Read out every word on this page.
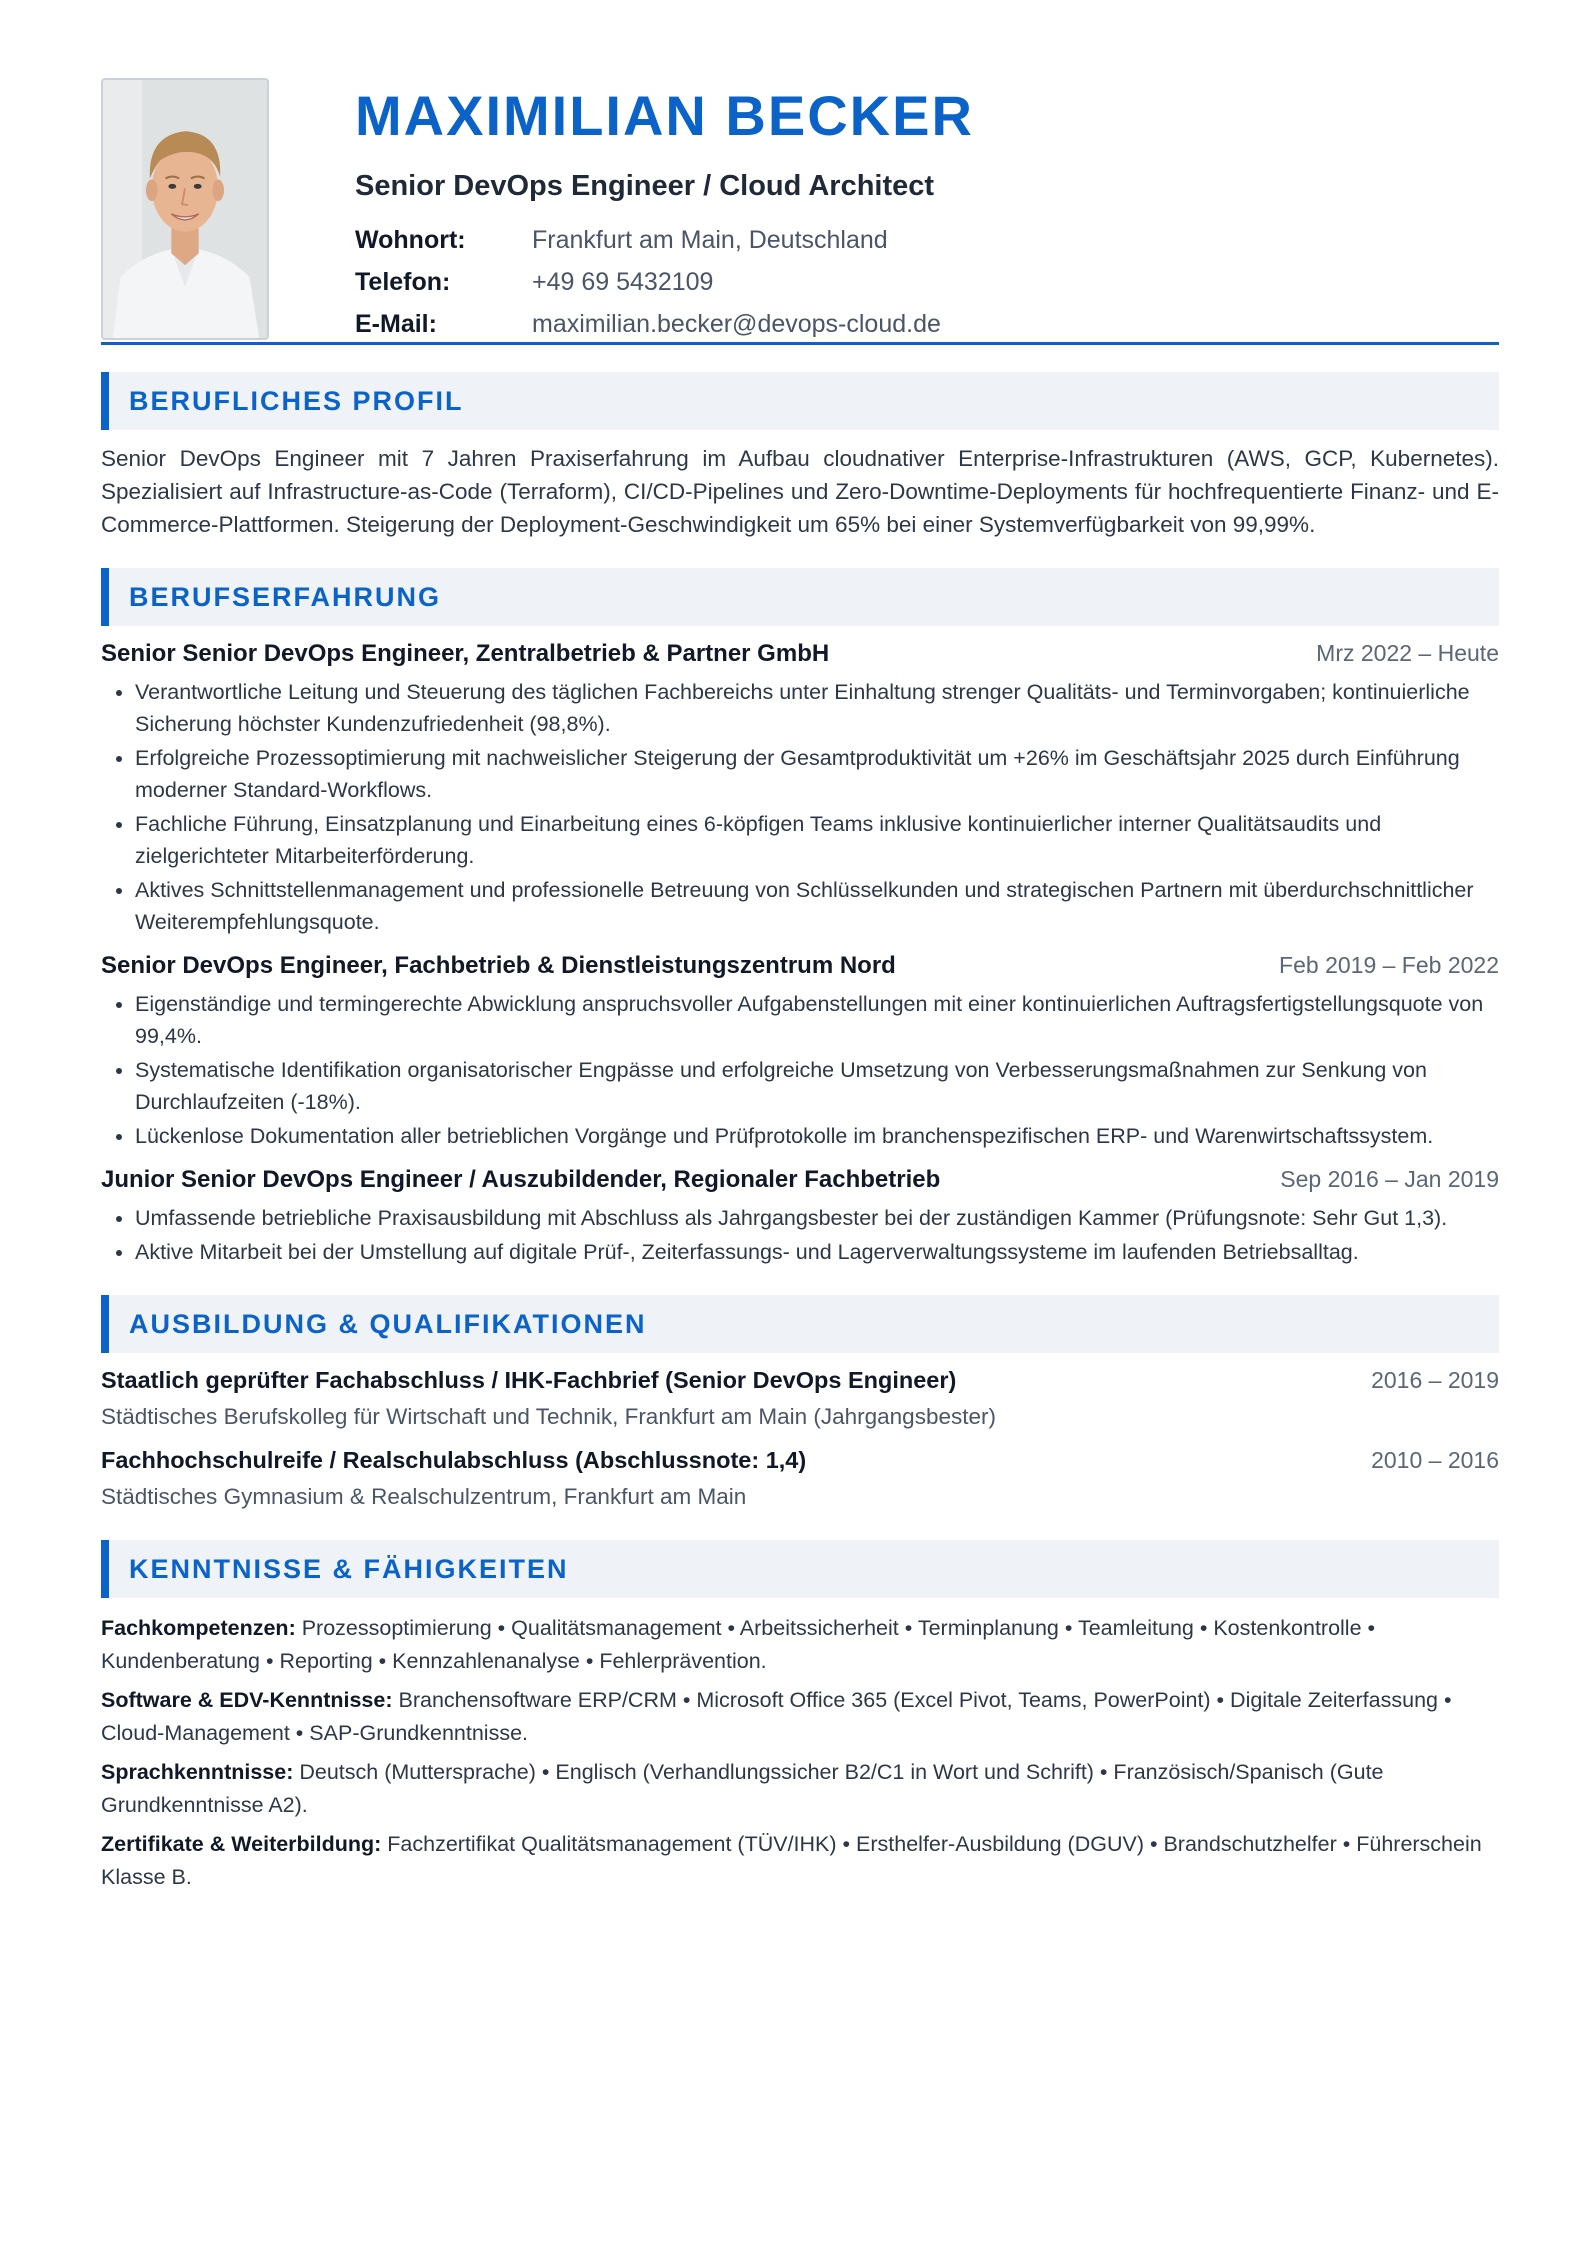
MAXIMILIAN BECKER
Senior DevOps Engineer / Cloud Architect
Wohnort:	Frankfurt am Main, Deutschland
Telefon:	+49 69 5432109
E-Mail:	maximilian.becker@devops-cloud.de
BERUFLICHES PROFIL
Senior DevOps Engineer mit 7 Jahren Praxiserfahrung im Aufbau cloudnativer Enterprise-Infrastrukturen (AWS, GCP, Kubernetes). Spezialisiert auf Infrastructure-as-Code (Terraform), CI/CD-Pipelines und Zero-Downtime-Deployments für hochfrequentierte Finanz- und E-Commerce-Plattformen. Steigerung der Deployment-Geschwindigkeit um 65% bei einer Systemverfügbarkeit von 99,99%.
BERUFSERFAHRUNG
Senior Senior DevOps Engineer, Zentralbetrieb & Partner GmbH	Mrz 2022 – Heute
• Verantwortliche Leitung und Steuerung des täglichen Fachbereichs unter Einhaltung strenger Qualitäts- und Terminvorgaben; kontinuierliche Sicherung höchster Kundenzufriedenheit (98,8%).
• Erfolgreiche Prozessoptimierung mit nachweislicher Steigerung der Gesamtproduktivität um +26% im Geschäftsjahr 2025 durch Einführung moderner Standard-Workflows.
• Fachliche Führung, Einsatzplanung und Einarbeitung eines 6-köpfigen Teams inklusive kontinuierlicher interner Qualitätsaudits und zielgerichteter Mitarbeiterförderung.
• Aktives Schnittstellenmanagement und professionelle Betreuung von Schlüsselkunden und strategischen Partnern mit überdurchschnittlicher Weiterempfehlungsquote.
Senior DevOps Engineer, Fachbetrieb & Dienstleistungszentrum Nord	Feb 2019 – Feb 2022
• Eigenständige und termingerechte Abwicklung anspruchsvoller Aufgabenstellungen mit einer kontinuierlichen Auftragsfertigstellungsquote von 99,4%.
• Systematische Identifikation organisatorischer Engpässe und erfolgreiche Umsetzung von Verbesserungsmaßnahmen zur Senkung von Durchlaufzeiten (-18%).
• Lückenlose Dokumentation aller betrieblichen Vorgänge und Prüfprotokolle im branchenspezifischen ERP- und Warenwirtschaftssystem.
Junior Senior DevOps Engineer / Auszubildender, Regionaler Fachbetrieb	Sep 2016 – Jan 2019
• Umfassende betriebliche Praxisausbildung mit Abschluss als Jahrgangsbester bei der zuständigen Kammer (Prüfungsnote: Sehr Gut 1,3).
• Aktive Mitarbeit bei der Umstellung auf digitale Prüf-, Zeiterfassungs- und Lagerverwaltungssysteme im laufenden Betriebsalltag.
AUSBILDUNG & QUALIFIKATIONEN
Staatlich geprüfter Fachabschluss / IHK-Fachbrief (Senior DevOps Engineer)	2016 – 2019
Städtisches Berufskolleg für Wirtschaft und Technik, Frankfurt am Main (Jahrgangsbester)
Fachhochschulreife / Realschulabschluss (Abschlussnote: 1,4)	2010 – 2016
Städtisches Gymnasium & Realschulzentrum, Frankfurt am Main
KENNTNISSE & FÄHIGKEITEN
Fachkompetenzen: Prozessoptimierung • Qualitätsmanagement • Arbeitssicherheit • Terminplanung • Teamleitung • Kostenkontrolle • Kundenberatung • Reporting • Kennzahlenanalyse • Fehlerprävention.
Software & EDV-Kenntnisse: Branchensoftware ERP/CRM • Microsoft Office 365 (Excel Pivot, Teams, PowerPoint) • Digitale Zeiterfassung • Cloud-Management • SAP-Grundkenntnisse.
Sprachkenntnisse: Deutsch (Muttersprache) • Englisch (Verhandlungssicher B2/C1 in Wort und Schrift) • Französisch/Spanisch (Gute Grundkenntnisse A2).
Zertifikate & Weiterbildung: Fachzertifikat Qualitätsmanagement (TÜV/IHK) • Ersthelfer-Ausbildung (DGUV) • Brandschutzhelfer • Führerschein Klasse B.
